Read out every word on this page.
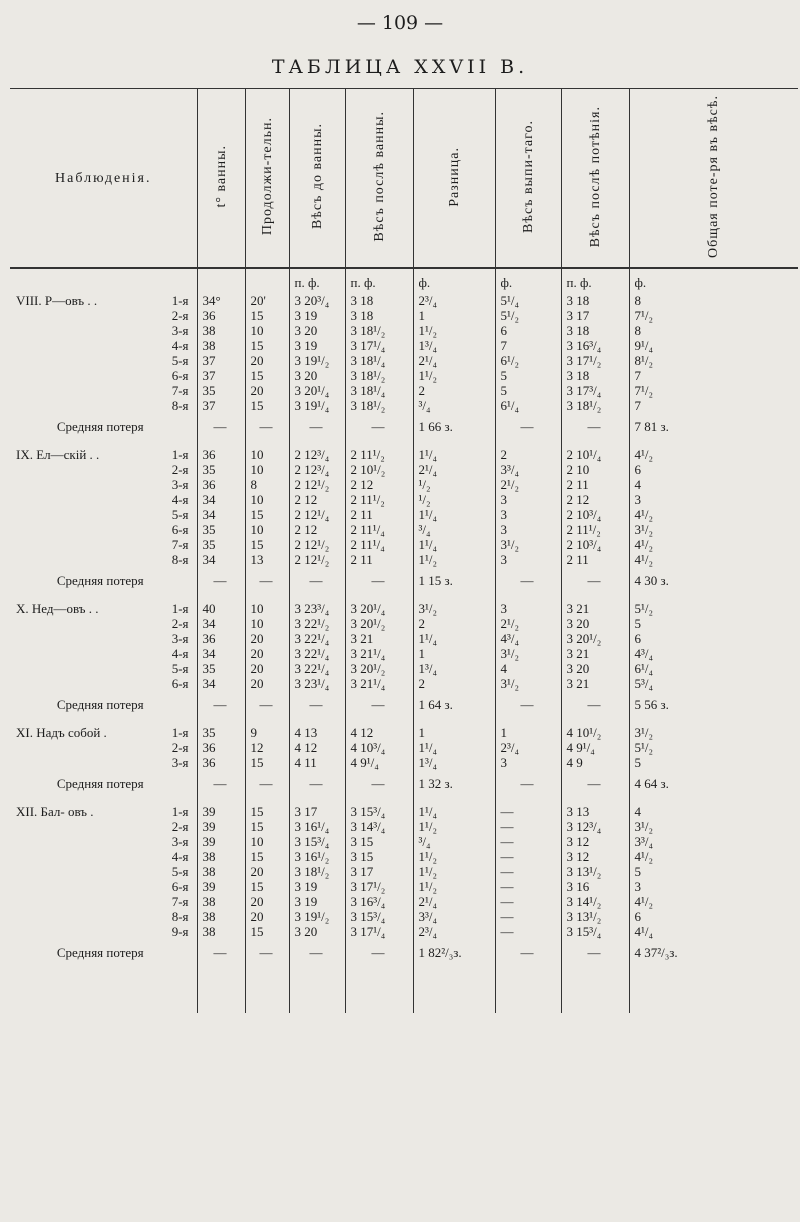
— 109 —
ТАБЛИЦА XXVII B.
Наблюденія.	t° ванны.	Продолжи-тельн.	Вѣсъ до ванны.	Вѣсъ послѣ ванны.	Разница.	Вѣсъ выпи-таго.	Вѣсъ послѣ потѣнія.	Общая поте-ря въ вѣсѣ.
			п. ф.	п. ф.	ф.	ф.	п. ф.	ф.

VIII. Р—овъ . . 1-я	34°	20'	3 20³/₄	3 18	2³/₄	5¹/₄	3 18	8
2-я	36	15	3 19	3 18	1	5¹/₂	3 17	7¹/₂
3-я	38	10	3 20	3 18¹/₂	1¹/₂	6	3 18	8
4-я	38	15	3 19	3 17¹/₄	1³/₄	7	3 16³/₄	9¹/₄
5-я	37	20	3 19¹/₂	3 18¹/₄	2¹/₄	6¹/₂	3 17¹/₂	8¹/₂
6-я	37	15	3 20	3 18¹/₂	1¹/₂	5	3 18	7
7-я	35	20	3 20¹/₄	3 18¹/₄	2	5	3 17³/₄	7¹/₂
8-я	37	15	3 19¹/₄	3 18¹/₂	³/₄	6¹/₄	3 18¹/₂	7
Средняя потеря	—	—	—	—	1 66 з.	—	—	7 81 з.

IX. Ел—скій . . 1-я	36	10	2 12³/₄	2 11¹/₂	1¹/₄	2	2 10¹/₄	4¹/₂
2-я	35	10	2 12³/₄	2 10¹/₂	2¹/₄	3³/₄	2 10	6
3-я	36	8	2 12¹/₂	2 12	¹/₂	2¹/₂	2 11	4
4-я	34	10	2 12	2 11¹/₂	¹/₂	3	2 12	3
5-я	34	15	2 12¹/₄	2 11	1¹/₄	3	2 10³/₄	4¹/₂
6-я	35	10	2 12	2 11¹/₄	³/₄	3	2 11¹/₂	3¹/₂
7-я	35	15	2 12¹/₂	2 11¹/₄	1¹/₄	3¹/₂	2 10³/₄	4¹/₂
8-я	34	13	2 12¹/₂	2 11	1¹/₂	3	2 11	4¹/₂
Средняя потеря	—	—	—	—	1 15 з.	—	—	4 30 з.

X. Нед—овъ . . 1-я	40	10	3 23³/₄	3 20¹/₄	3¹/₂	3	3 21	5¹/₂
2-я	34	10	3 22¹/₂	3 20¹/₂	2	2¹/₂	3 20	5
3-я	36	20	3 22¹/₄	3 21	1¹/₄	4³/₄	3 20¹/₂	6
4-я	34	20	3 22¹/₄	3 21¹/₄	1	3¹/₂	3 21	4³/₄
5-я	35	20	3 22¹/₄	3 20¹/₂	1³/₄	4	3 20	6¹/₄
6-я	34	20	3 23¹/₄	3 21¹/₄	2	3¹/₂	3 21	5³/₄
Средняя потеря	—	—	—	—	1 64 з.	—	—	5 56 з.

XI. Надъ собой . 1-я	35	9	4 13	4 12	1	1	4 10¹/₂	3¹/₂
2-я	36	12	4 12	4 10³/₄	1¹/₄	2³/₄	4 9¹/₄	5¹/₂
3-я	36	15	4 11	4 9¹/₄	1³/₄	3	4 9	5
Средняя потеря	—	—	—	—	1 32 з.	—	—	4 64 з.

XII. Бал- овъ . 1-я	39	15	3 17	3 15³/₄	1¹/₄	—	3 13	4
2-я	39	15	3 16¹/₄	3 14³/₄	1¹/₂	—	3 12³/₄	3¹/₂
3-я	39	10	3 15³/₄	3 15	³/₄	—	3 12	3³/₄
4-я	38	15	3 16¹/₂	3 15	1¹/₂	—	3 12	4¹/₂
5-я	38	20	3 18¹/₂	3 17	1¹/₂	—	3 13¹/₂	5
6-я	39	15	3 19	3 17¹/₂	1¹/₂	—	3 16	3
7-я	38	20	3 19	3 16³/₄	2¹/₄	—	3 14¹/₂	4¹/₂
8-я	38	20	3 19¹/₂	3 15³/₄	3³/₄	—	3 13¹/₂	6
9-я	38	15	3 20	3 17¹/₄	2³/₄	—	3 15³/₄	4¹/₄
Средняя потеря	—	—	—	—	1 82²/₃з.	—	—	4 37²/₃з.
